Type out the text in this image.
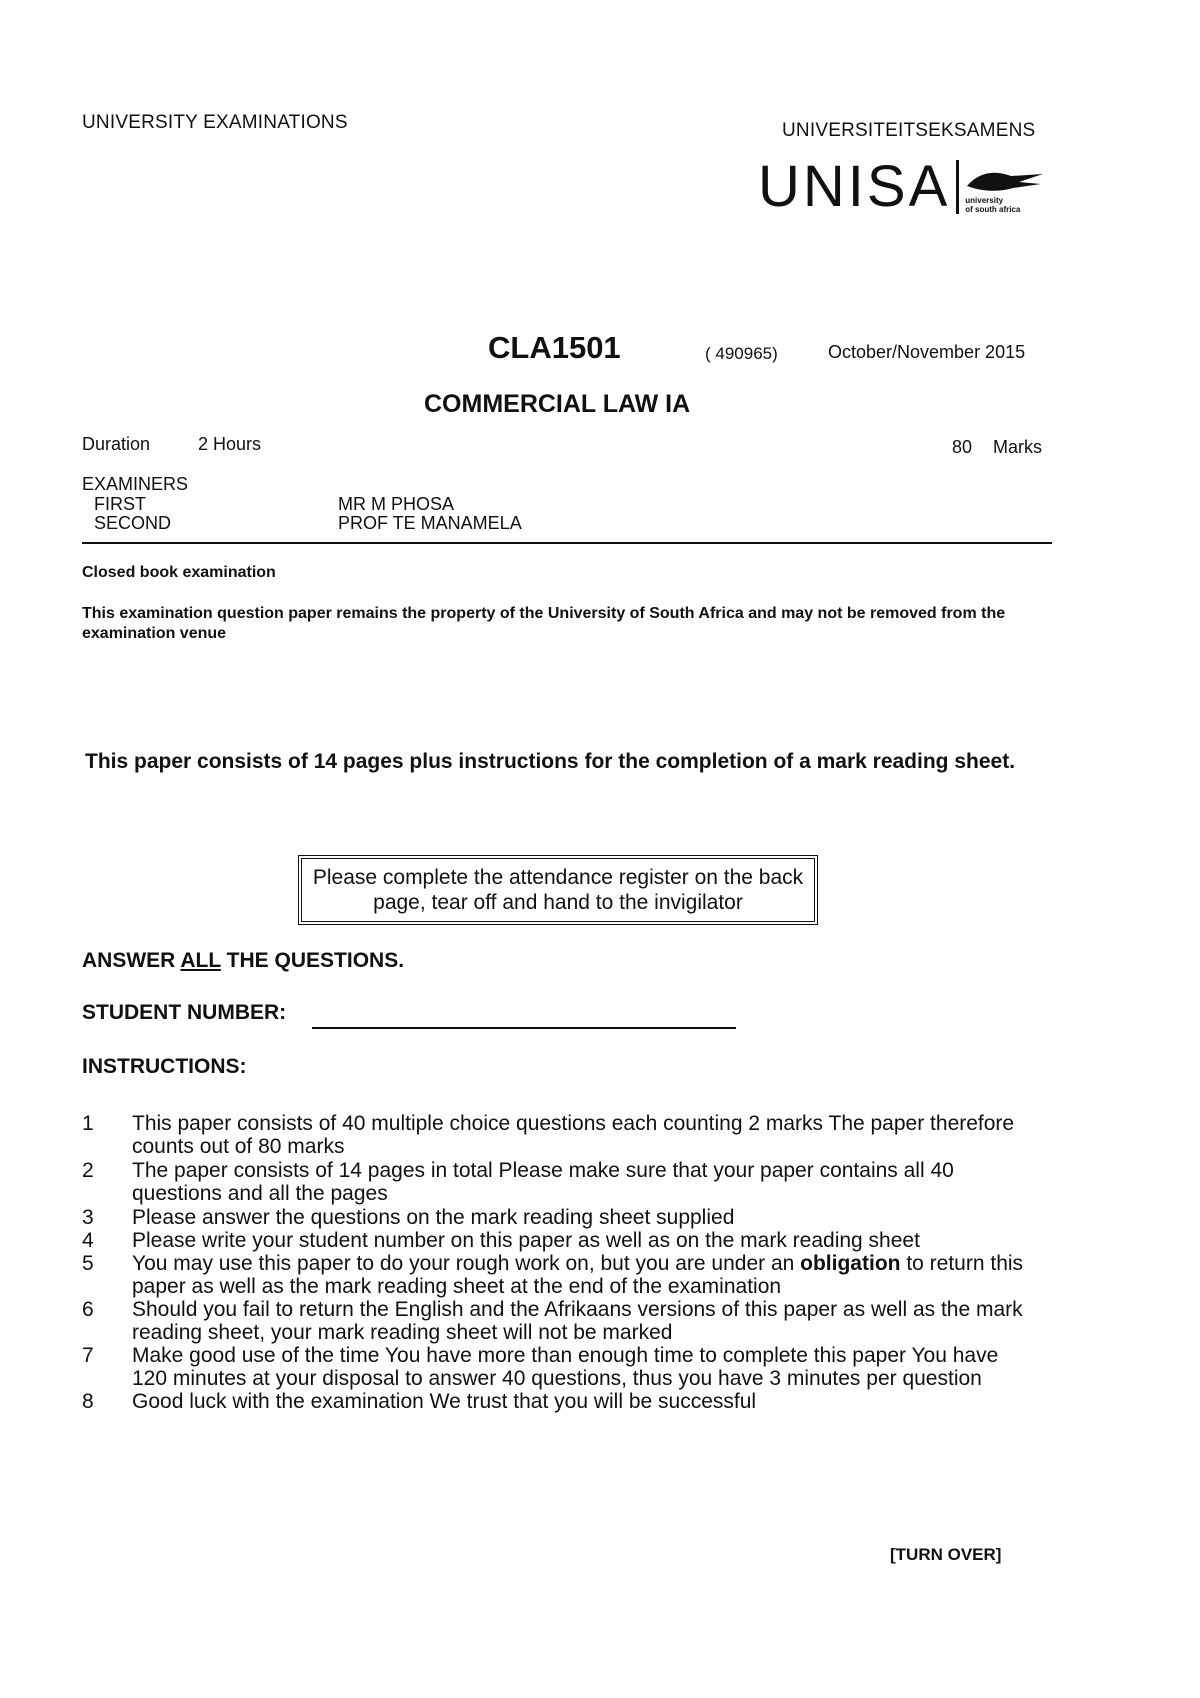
UNIVERSITY EXAMINATIONS	UNIVERSITEITSEKSAMENS
UNISA university
of south africa
CLA1501	( 490965)	October/November 2015
COMMERCIAL LAW IA
Duration	2 Hours	80 Marks
EXAMINERS
FIRST	MR M PHOSA
SECOND	PROF TE MANAMELA
Closed book examination
This examination question paper remains the property of the University of South Africa and may not be removed from the examination venue
This paper consists of 14 pages plus instructions for the completion of a mark reading sheet.
Please complete the attendance register on the back page, tear off and hand to the invigilator
ANSWER ALL THE QUESTIONS.
STUDENT NUMBER:
INSTRUCTIONS:
1	This paper consists of 40 multiple choice questions each counting 2 marks The paper therefore counts out of 80 marks
2	The paper consists of 14 pages in total Please make sure that your paper contains all 40 questions and all the pages
3	Please answer the questions on the mark reading sheet supplied
4	Please write your student number on this paper as well as on the mark reading sheet
5	You may use this paper to do your rough work on, but you are under an obligation to return this paper as well as the mark reading sheet at the end of the examination
6	Should you fail to return the English and the Afrikaans versions of this paper as well as the mark reading sheet, your mark reading sheet will not be marked
7	Make good use of the time You have more than enough time to complete this paper You have 120 minutes at your disposal to answer 40 questions, thus you have 3 minutes per question
8	Good luck with the examination We trust that you will be successful
[TURN OVER]
